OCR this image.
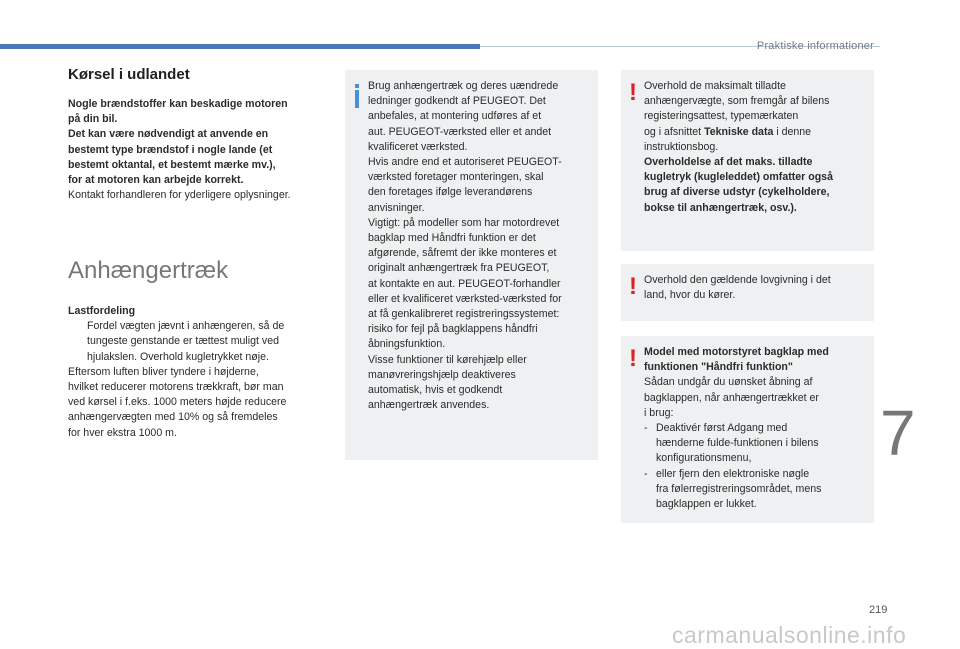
Praktiske informationer
Kørsel i udlandet

Nogle brændstoffer kan beskadige motoren
på din bil.
Det kan være nødvendigt at anvende en
bestemt type brændstof i nogle lande (et
bestemt oktantal, et bestemt mærke mv.),
for at motoren kan arbejde korrekt.

Kontakt forhandleren for yderligere oplysninger.

Anhængertræk

Lastfordeling

Fordel vægten jævnt i anhængeren, så de
tungeste genstande er tættest muligt ved
hjulakslen. Overhold kugletrykket nøje.

Eftersom luften bliver tyndere i højderne,
hvilket reducerer motorens trækkraft, bør man
ved kørsel i f.eks. 1000 meters højde reducere
anhængervægten med 10% og så fremdeles
for hver ekstra 1000 m.

Brug anhængertræk og deres uændrede
ledninger godkendt af PEUGEOT. Det
anbefales, at montering udføres af et
aut. PEUGEOT-værksted eller et andet
kvalificeret værksted.
Hvis andre end et autoriseret PEUGEOT-
værksted foretager monteringen, skal
den foretages ifølge leverandørens
anvisninger.
Vigtigt: på modeller som har motordrevet
bagklap med Håndfri funktion er det
afgørende, såfremt der ikke monteres et
originalt anhængertræk fra PEUGEOT,
at kontakte en aut. PEUGEOT-forhandler
eller et kvalificeret værksted-værksted for
at få genkalibreret registreringssystemet:
risiko for fejl på bagklappens håndfri
åbningsfunktion.
Visse funktioner til kørehjælp eller
manøvreringshjælp deaktiveres
automatisk, hvis et godkendt
anhængertræk anvendes.
! Overhold de maksimalt tilladte
anhængervægte, som fremgår af bilens
registeringsattest, typemærkaten
og i afsnittet Tekniske data i denne
instruktionsbog.
Overholdelse af det maks. tilladte
kugletryk (kugleleddet) omfatter også
brug af diverse udstyr (cykelholdere,
bokse til anhængertræk, osv.).
! Overhold den gældende lovgivning i det
land, hvor du kører.
! Model med motorstyret bagklap med
funktionen "Håndfri funktion"
Sådan undgår du uønsket åbning af
bagklappen, når anhængertrækket er
i brug:
- Deaktivér først Adgang med
hænderne fulde-funktionen i bilens
konfigurationsmenu,
- eller fjern den elektroniske nøgle
fra følerregistreringsområdet, mens
bagklappen er lukket.
7
219
carmanualsonline.info
